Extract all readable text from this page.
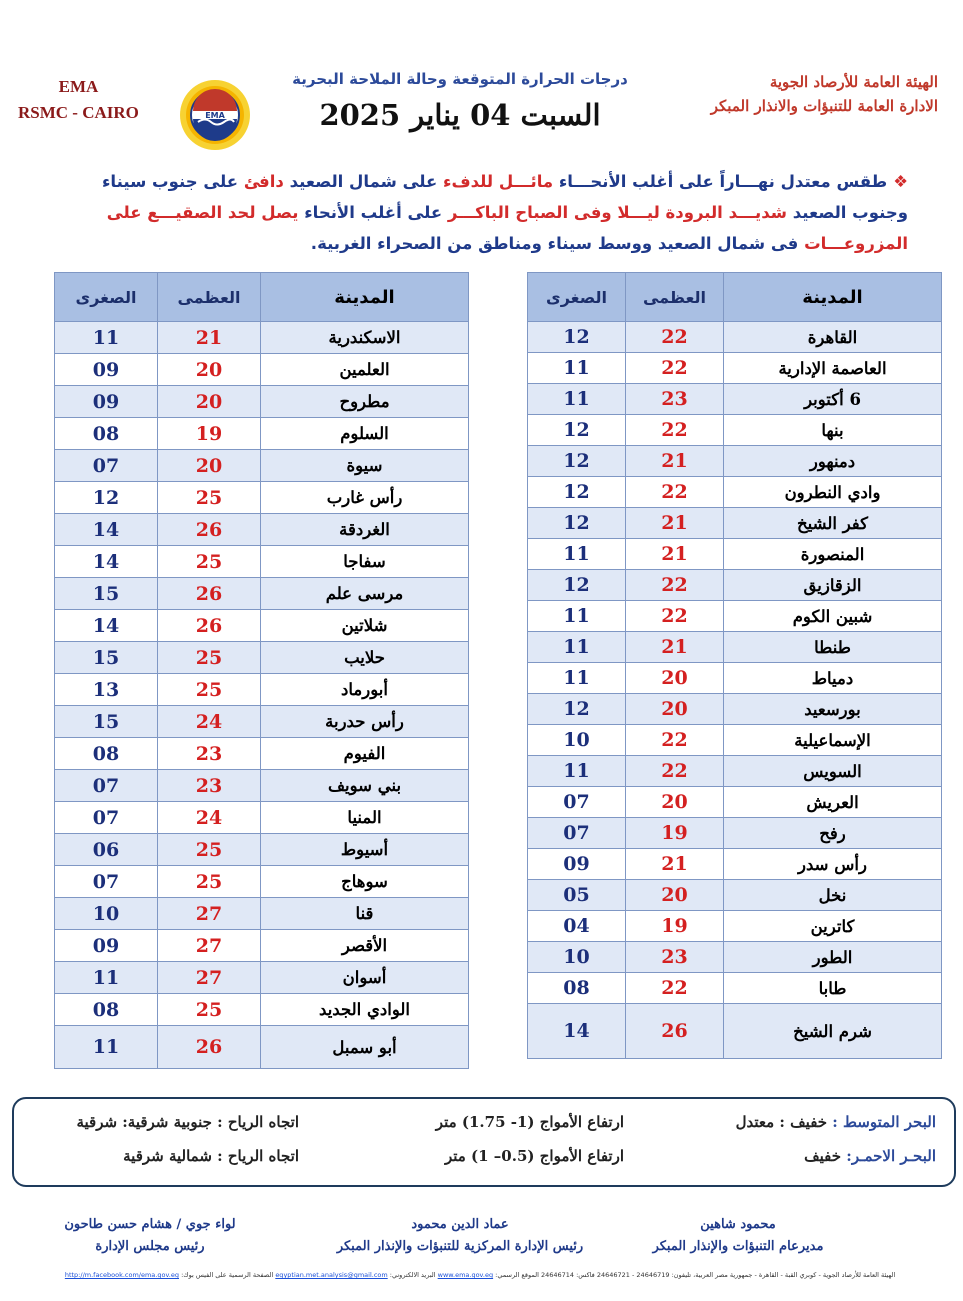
الهيئة العامة للأرصاد الجوية
الادارة العامة للتنبؤات والانذار المبكر
EMA
RSMC - CAIRO	EMA
درجات الحرارة المتوقعة وحالة الملاحة البحرية
السبت 04 يناير 2025
❖طقس معتدل نهـــاراً على أغلب الأنحـــاء مائـــل للدفء على شمال الصعيد دافئ على جنوب سيناء وجنوب الصعيد شديـــد البرودة ليـــلا وفى الصباح الباكـــر على أغلب الأنحاء يصل لحد الصقيـــع على المزروعـــات فى شمال الصعيد ووسط سيناء ومناطق من الصحراء الغربية.
المدينة	العظمى	الصغرى
القاهرة	22	12
العاصمة الإدارية	22	11
6 أكتوبر	23	11
بنها	22	12
دمنهور	21	12
وادي النطرون	22	12
كفر الشيخ	21	12
المنصورة	21	11
الزقازيق	22	12
شبين الكوم	22	11
طنطا	21	11
دمياط	20	11
بورسعيد	20	12
الإسماعيلية	22	10
السويس	22	11
العريش	20	07
رفح	19	07
رأس سدر	21	09
نخل	20	05
كاترين	19	04
الطور	23	10
طابا	22	08
شرم الشيخ	26	14
المدينة	العظمى	الصغرى
الاسكندرية	21	11
العلمين	20	09
مطروح	20	09
السلوم	19	08
سيوة	20	07
رأس غارب	25	12
الغردقة	26	14
سفاجا	25	14
مرسى علم	26	15
شلاتين	26	14
حلايب	25	15
أبورماد	25	13
رأس حدربة	24	15
الفيوم	23	08
بني سويف	23	07
المنيا	24	07
أسيوط	25	06
سوهاج	25	07
قنا	27	10
الأقصر	27	09
أسوان	27	11
الوادي الجديد	25	08
أبو سمبل	26	11
البحر المتوسط : خفيف : معتدل
ارتفاع الأمواج (1- 1.75) متر
اتجاه الرياح : جنوبية شرقية: شرقية
البحـر الاحمـر: خفيف
ارتفاع الأمواج (0.5– 1) متر
اتجاه الرياح : شمالية شرقية
محمود شاهين
مديرعام التنبؤات والإنذار المبكر
عماد الدين محمود
رئيس الإدارة المركزية للتنبؤات والإنذار المبكر
لواء جوي / هشام حسن طاحون
رئيس مجلس الإدارة
الهيئة العامة للأرصاد الجوية - كوبري القبة - القاهرة - جمهورية مصر العربية، تليفون: 24646719 - 24646721 فاكس: 24646714 الموقع الرسمي: www.ema.gov.eg البريد الالكتروني: egyptian.met.analysis@gmail.com الصفحة الرسمية على الفيس بوك: http://m.facebook.com/ema.gov.eg
